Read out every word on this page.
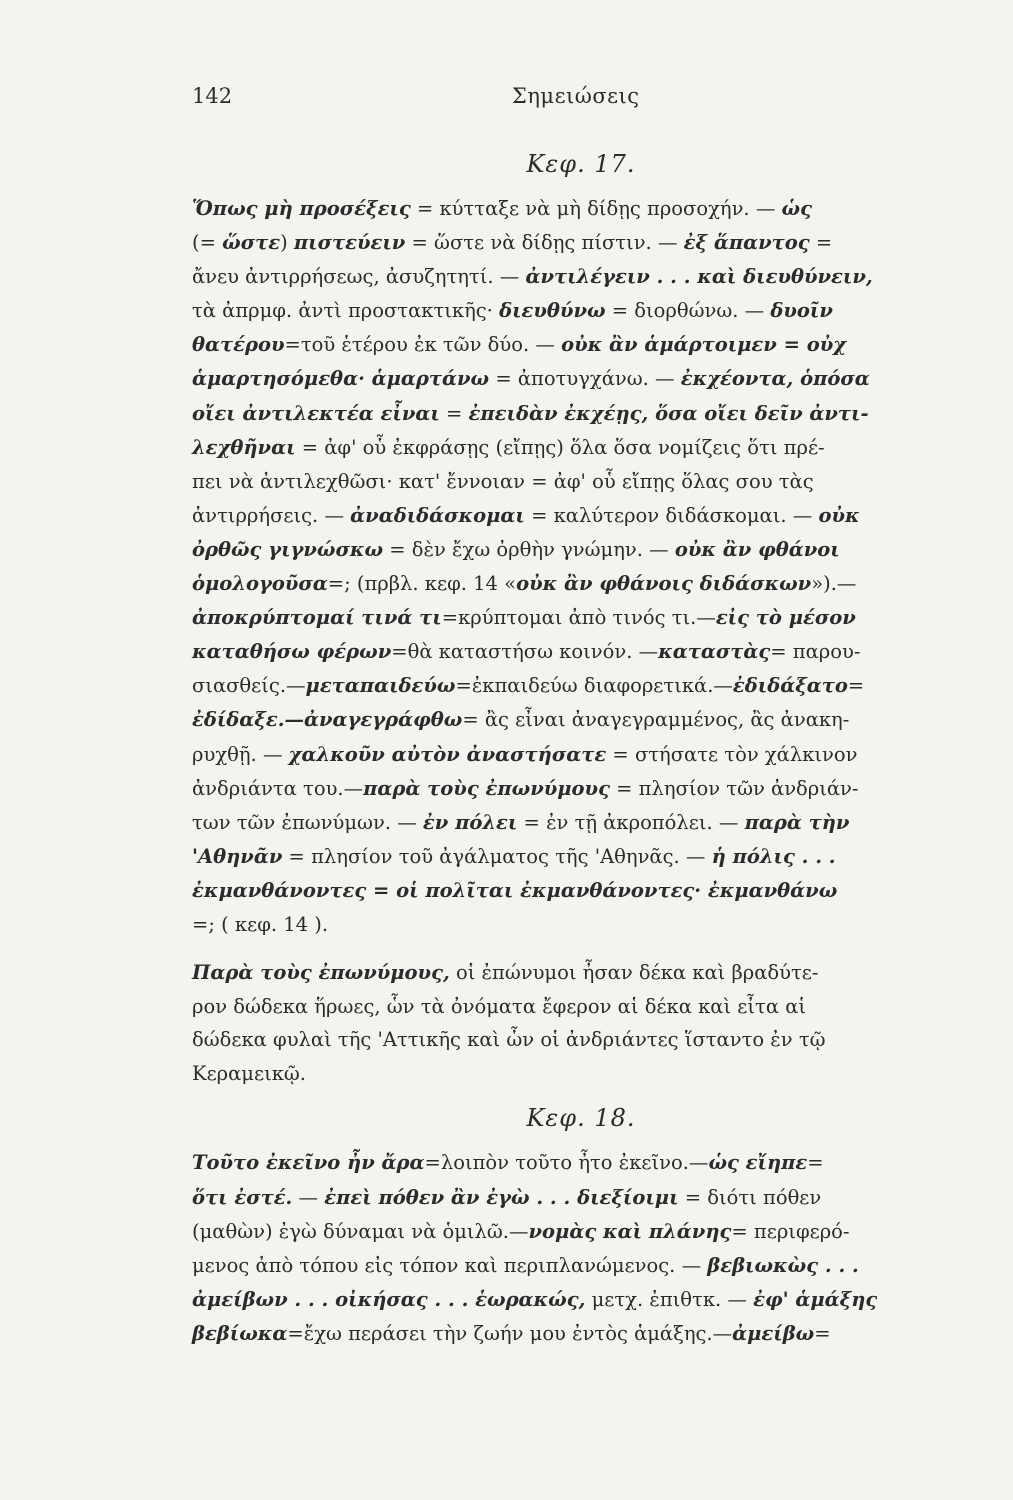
142	Σημειώσεις
Κεφ. 17.
Ὅπως μὴ προσέξεις = κύτταξε νὰ μὴ δίδῃς προσοχήν. — ὡς
(= ὥστε) πιστεύειν = ὥστε νὰ δίδῃς πίστιν. — ἐξ ἅπαντος =
ἄνευ ἀντιρρήσεως, ἀσυζητητί. — ἀντιλέγειν . . . καὶ διευθύνειν,
τὰ ἀπρμφ. ἀντὶ προστακτικῆς· διευθύνω = διορθώνω. — δυοῖν
θατέρου=τοῦ ἑτέρου ἐκ τῶν δύο. — οὐκ ἂν ἁμάρτοιμεν = οὐχ
ἁμαρτησόμεθα· ἁμαρτάνω = ἀποτυγχάνω. — ἐκχέοντα, ὁπόσα
οἴει ἀντιλεκτέα εἶναι = ἐπειδὰν ἐκχέῃς, ὅσα οἴει δεῖν ἀντι-
λεχθῆναι = ἀφ' οὗ ἐκφράσῃς (εἴπῃς) ὅλα ὅσα νομίζεις ὅτι πρέ-
πει νὰ ἀντιλεχθῶσι· κατ' ἔννοιαν = ἀφ' οὗ εἴπῃς ὅλας σου τὰς
ἀντιρρήσεις. — ἀναδιδάσκομαι = καλύτερον διδάσκομαι. — οὐκ
ὀρθῶς γιγνώσκω = δὲν ἔχω ὀρθὴν γνώμην. — οὐκ ἂν φθάνοι
ὁμολογοῦσα=; (πρβλ. κεφ. 14 «οὐκ ἂν φθάνοις διδάσκων»).—
ἀποκρύπτομαί τινά τι=κρύπτομαι ἀπὸ τινός τι.—εἰς τὸ μέσον
καταθήσω φέρων=θὰ καταστήσω κοινόν. —καταστὰς= παρου-
σιασθείς.—μεταπαιδεύω=ἐκπαιδεύω διαφορετικά.—ἐδιδάξατο=
ἐδίδαξε.—ἀναγεγράφθω= ἂς εἶναι ἀναγεγραμμένος, ἂς ἀνακη-
ρυχθῇ. — χαλκοῦν αὐτὸν ἀναστήσατε = στήσατε τὸν χάλκινον
ἀνδριάντα του.—παρὰ τοὺς ἐπωνύμους = πλησίον τῶν ἀνδριάν-
των τῶν ἐπωνύμων. — ἐν πόλει = ἐν τῇ ἀκροπόλει. — παρὰ τὴν
'Αθηνᾶν = πλησίον τοῦ ἀγάλματος τῆς 'Αθηνᾶς. — ἡ πόλις . . .
ἐκμανθάνοντες = οἱ πολῖται ἐκμανθάνοντες· ἐκμανθάνω
=; ( κεφ. 14 ).
Παρὰ τοὺς ἐπωνύμους, οἱ ἐπώνυμοι ἦσαν δέκα καὶ βραδύτε-
ρον δώδεκα ἥρωες, ὧν τὰ ὀνόματα ἔφερον αἱ δέκα καὶ εἶτα αἱ
δώδεκα φυλαὶ τῆς 'Αττικῆς καὶ ὧν οἱ ἀνδριάντες ἵσταντο ἐν τῷ
Κεραμεικῷ.
Κεφ. 18.
Τοῦτο ἐκεῖνο ἦν ἄρα=λοιπὸν τοῦτο ἦτο ἐκεῖνο.—ὡς εἴηπε=
ὅτι ἐστέ. — ἐπεὶ πόθεν ἂν ἐγὼ . . . διεξίοιμι = διότι πόθεν
(μαθὼν) ἐγὼ δύναμαι νὰ ὁμιλῶ.—νομὰς καὶ πλάνης= περιφερό-
μενος ἀπὸ τόπου εἰς τόπον καὶ περιπλανώμενος. — βεβιωκὼς . . .
ἀμείβων . . . οἰκήσας . . . ἑωρακώς, μετχ. ἐπιθτκ. — ἐφ' ἁμάξης
βεβίωκα=ἔχω περάσει τὴν ζωήν μου ἐντὸς ἁμάξης.—ἀμείβω=
